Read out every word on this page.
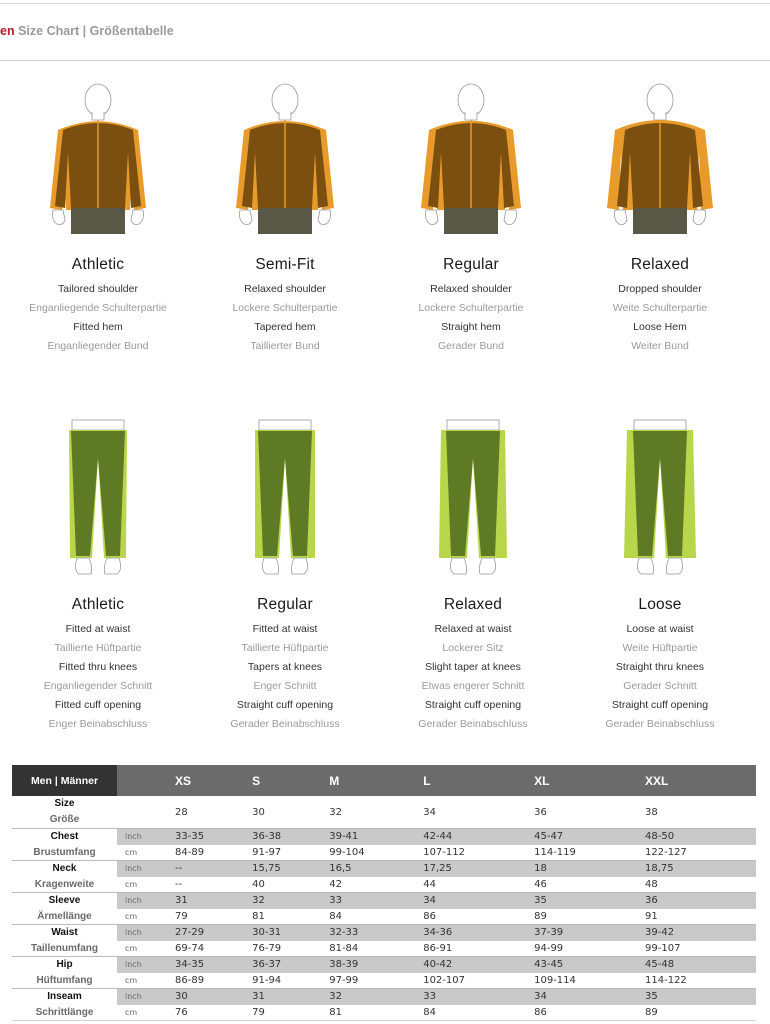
en Size Chart | Größentabelle
Athletic
Tailored shoulder
Enganliegende Schulterpartie
Fitted hem
Enganliegender Bund
Semi-Fit
Relaxed shoulder
Lockere Schulterpartie
Tapered hem
Taillierter Bund
Regular
Relaxed shoulder
Lockere Schulterpartie
Straight hem
Gerader Bund
Relaxed
Dropped shoulder
Weite Schulterpartie
Loose Hem
Weiter Bund
Athletic
Fitted at waist
Taillierte Hüftpartie
Fitted thru knees
Enganliegender Schnitt
Fitted cuff opening
Enger Beinabschluss
Regular
Fitted at waist
Taillierte Hüftpartie
Tapers at knees
Enger Schnitt
Straight cuff opening
Gerader Beinabschluss
Relaxed
Relaxed at waist
Lockerer Sitz
Slight taper at knees
Etwas engerer Schnitt
Straight cuff opening
Gerader Beinabschluss
Loose
Loose at waist
Weite Hüftpartie
Straight thru knees
Gerader Schnitt
Straight cuff opening
Gerader Beinabschluss
Men | Männer		XS	S	M	L	XL	XXL

Size
Größe		28	30	32	34	36	38
Chest	inch	33-35	36-38	39-41	42-44	45-47	48-50
Brustumfang	cm	84-89	91-97	99-104	107-112	114-119	122-127
Neck	inch	--	15,75	16,5	17,25	18	18,75
Kragenweite	cm	--	40	42	44	46	48
Sleeve	inch	31	32	33	34	35	36
Ärmellänge	cm	79	81	84	86	89	91
Waist	inch	27-29	30-31	32-33	34-36	37-39	39-42
Taillenumfang	cm	69-74	76-79	81-84	86-91	94-99	99-107
Hip	inch	34-35	36-37	38-39	40-42	43-45	45-48
Hüftumfang	cm	86-89	91-94	97-99	102-107	109-114	114-122
Inseam	inch	30	31	32	33	34	35
Schrittlänge	cm	76	79	81	84	86	89
